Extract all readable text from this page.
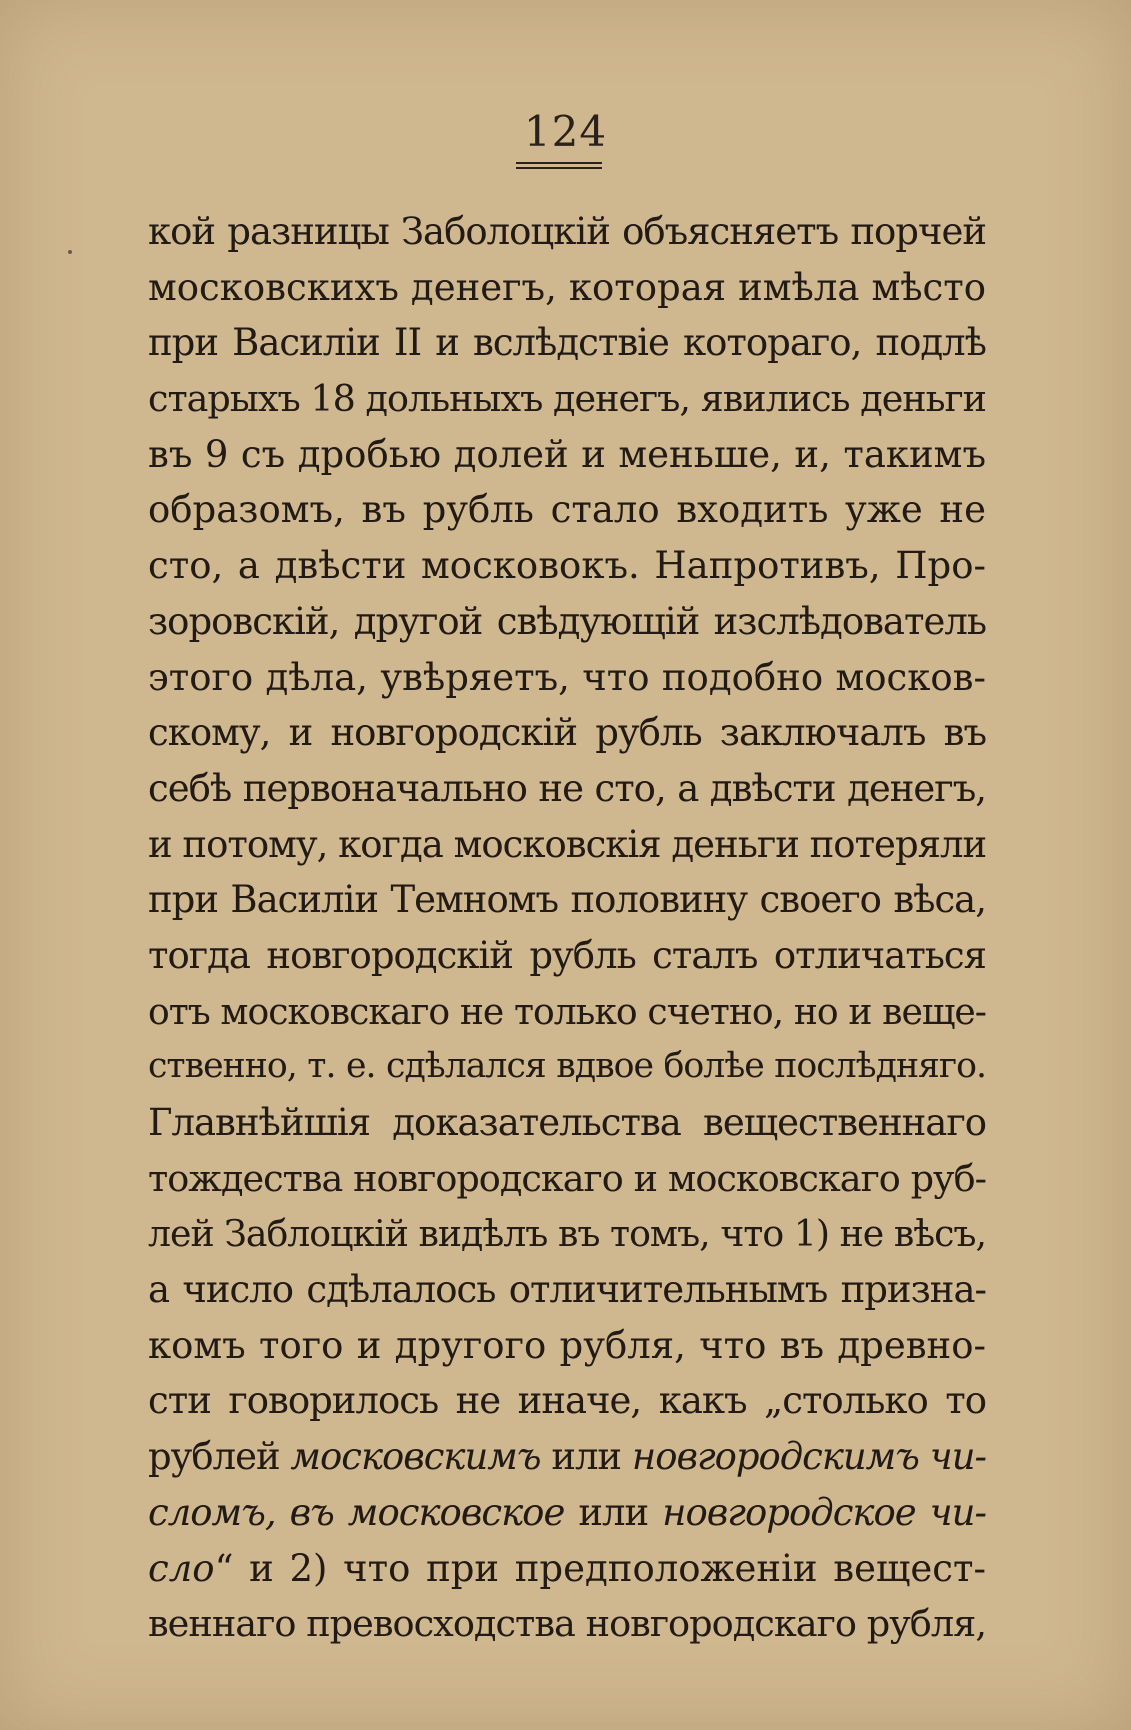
124
кой разницы Заболоцкій объясняетъ порчей
московскихъ денегъ, которая имѣла мѣсто
при Василіи II и вслѣдствіе котораго, подлѣ
старыхъ 18 дольныхъ денегъ, явились деньги
въ 9 съ дробью долей и меньше, и, такимъ
образомъ, въ рубль стало входить уже не
сто, а двѣсти московокъ. Напротивъ, Про-
зоровскій, другой свѣдующій изслѣдователь
этого дѣла, увѣряетъ, что подобно москов-
скому, и новгородскій рубль заключалъ въ
себѣ первоначально не сто, а двѣсти денегъ,
и потому, когда московскія деньги потеряли
при Василіи Темномъ половину своего вѣса,
тогда новгородскій рубль сталъ отличаться
отъ московскаго не только счетно, но и веще-
ственно, т. е. сдѣлался вдвое болѣе послѣдняго.
Главнѣйшія доказательства вещественнаго
тождества новгородскаго и московскаго руб-
лей Заблоцкій видѣлъ въ томъ, что 1) не вѣсъ,
а число сдѣлалось отличительнымъ призна-
комъ того и другого рубля, что въ древно-
сти говорилось не иначе, какъ „столько то
рублей московскимъ или новгородскимъ чи-
сломъ, въ московское или новгородское чи-
сло“ и 2) что при предположеніи вещест-
веннаго превосходства новгородскаго рубля,
